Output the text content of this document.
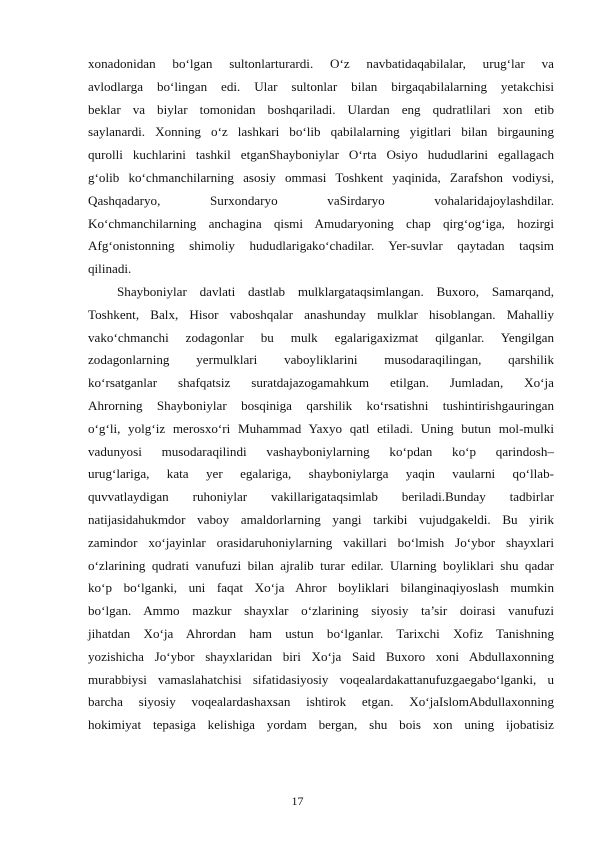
xonadonidan bo‘lgan sultonlarturardi. O‘z navbatidaqabilalar, urug‘lar va
avlodlarga bo‘lingan edi. Ular sultonlar bilan birgaqabilalarning yetakchisi
beklar va biylar tomonidan boshqariladi. Ulardan eng qudratlilari xon etib
saylanardi. Xonning o‘z lashkari bo‘lib qabilalarning yigitlari bilan birgauning
qurolli kuchlarini tashkil etganShayboniylar O‘rta Osiyo hududlarini egallagach
g‘olib ko‘chmanchilarning asosiy ommasi Toshkent yaqinida, Zarafshon vodiysi,
Qashqadaryo, Surxondaryo vaSirdaryo vohalaridajoylashdilar.
Ko‘chmanchilarning anchagina qismi Amudaryoning chap qirg‘og‘iga, hozirgi
Afg‘onistonning shimoliy hududlarigako‘chadilar. Yer-suvlar qaytadan taqsim
qilinadi.
Shayboniylar davlati dastlab mulklargataqsimlangan. Buxoro, Samarqand,
Toshkent, Balx, Hisor vaboshqalar anashunday mulklar hisoblangan. Mahalliy
vako‘chmanchi zodagonlar bu mulk egalarigaxizmat qilganlar. Yengilgan
zodagonlarning yermulklari vaboyliklarini musodaraqilingan, qarshilik
ko‘rsatganlar shafqatsiz suratdajazogamahkum etilgan. Jumladan, Xo‘ja
Ahrorning Shayboniylar bosqiniga qarshilik ko‘rsatishni tushintirishgauringan
o‘g‘li, yolg‘iz merosxo‘ri Muhammad Yaxyo qatl etiladi. Uning butun mol-mulki
vadunyosi musodaraqilindi vashayboniylarning ko‘pdan ko‘p qarindosh–
urug‘lariga, kata yer egalariga, shayboniylarga yaqin vaularni qo‘llab-
quvvatlaydigan ruhoniylar vakillarigataqsimlab beriladi.Bunday tadbirlar
natijasidahukmdor vaboy amaldorlarning yangi tarkibi vujudgakeldi. Bu yirik
zamindor xo‘jayinlar orasidaruhoniylarning vakillari bo‘lmish Jo‘ybor shayxlari
o‘zlarining qudrati vanufuzi bilan ajralib turar edilar. Ularning boyliklari shu qadar
ko‘p bo‘lganki, uni faqat Xo‘ja Ahror boyliklari bilanginaqiyoslash mumkin
bo‘lgan. Ammo mazkur shayxlar o‘zlarining siyosiy ta’sir doirasi vanufuzi
jihatdan Xo‘ja Ahrordan ham ustun bo‘lganlar. Tarixchi Xofiz Tanishning
yozishicha Jo‘ybor shayxlaridan biri Xo‘ja Said Buxoro xoni Abdullaxonning
murabbiysi vamaslahatchisi sifatidasiyosiy voqealardakattanufuzgaegabo‘lganki, u
barcha siyosiy voqealardashaxsan ishtirok etgan. Xo‘jaIslomAbdullaxonning
hokimiyat tepasiga kelishiga yordam bergan, shu bois xon uning ijobatisiz
17
